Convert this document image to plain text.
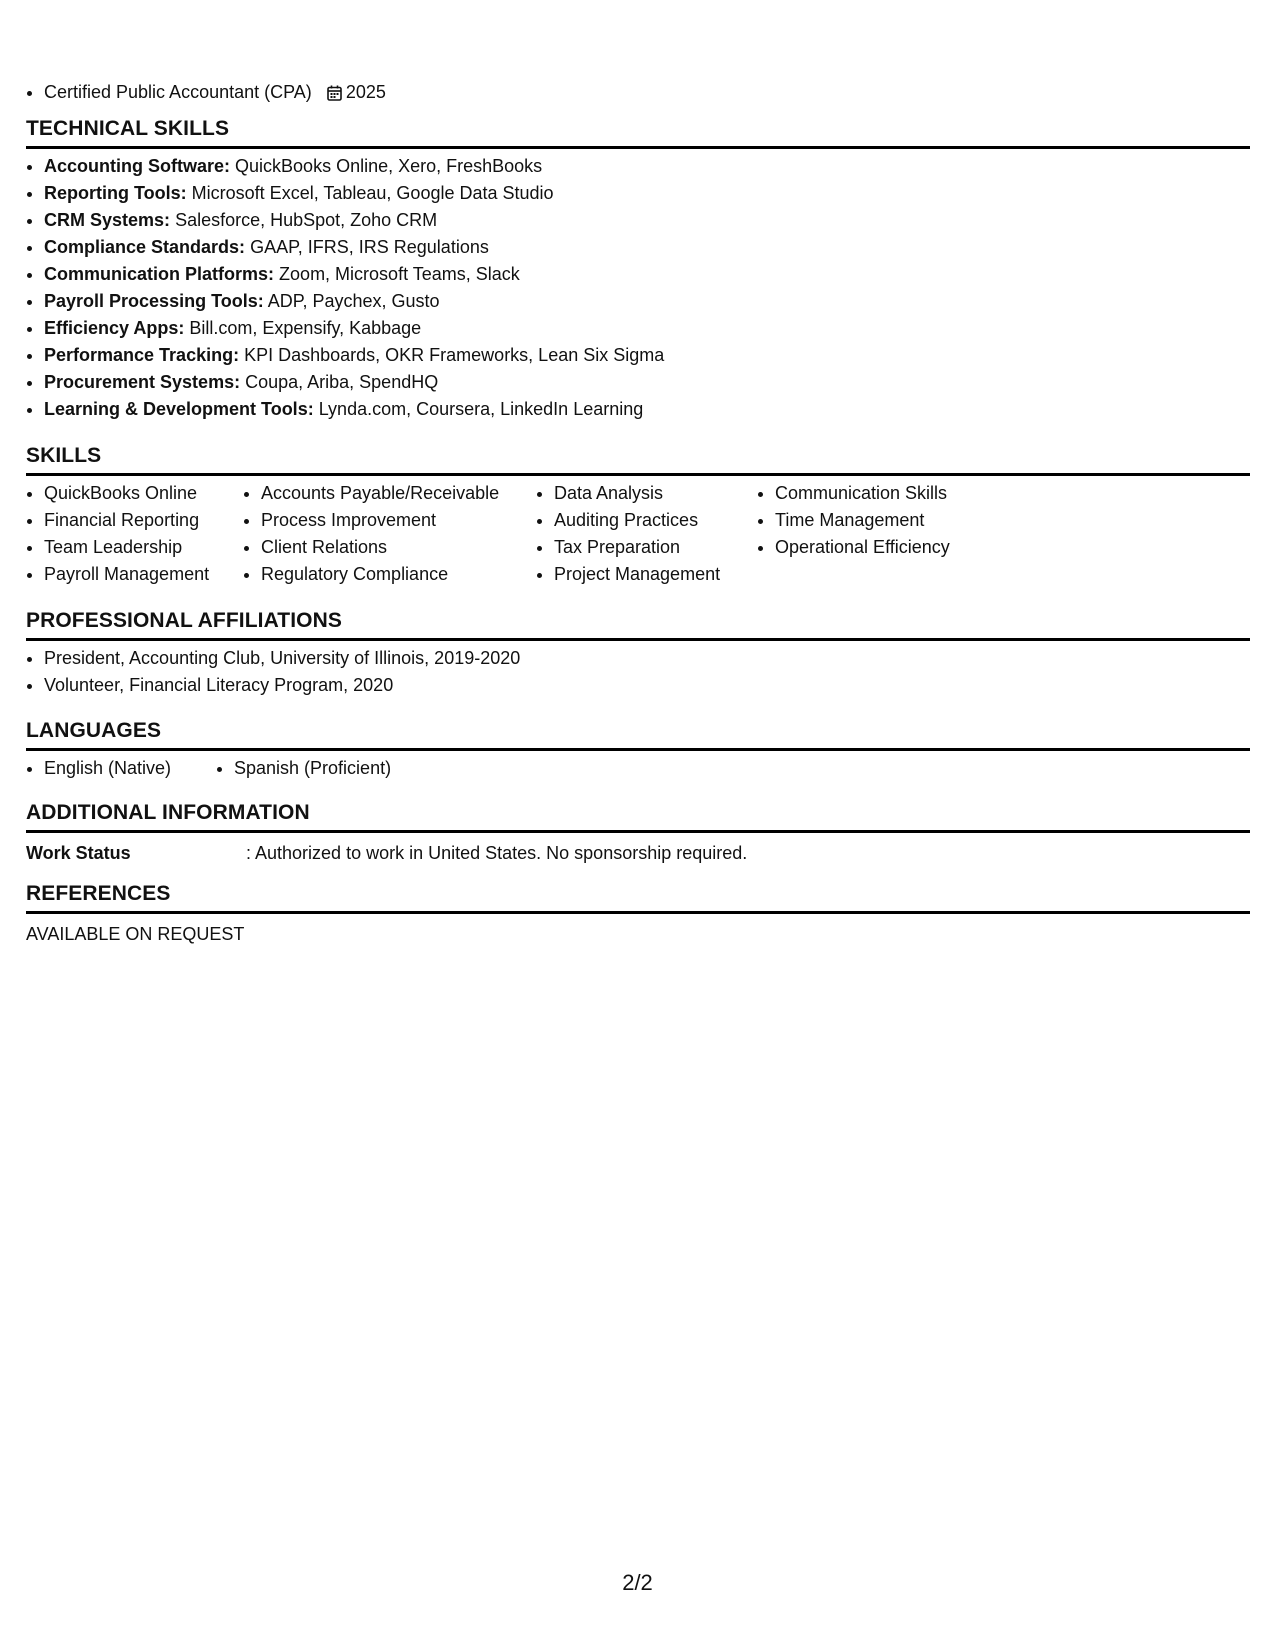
• Certified Public Accountant (CPA) 2025
TECHNICAL SKILLS
• Accounting Software: QuickBooks Online, Xero, FreshBooks
• Reporting Tools: Microsoft Excel, Tableau, Google Data Studio
• CRM Systems: Salesforce, HubSpot, Zoho CRM
• Compliance Standards: GAAP, IFRS, IRS Regulations
• Communication Platforms: Zoom, Microsoft Teams, Slack
• Payroll Processing Tools: ADP, Paychex, Gusto
• Efficiency Apps: Bill.com, Expensify, Kabbage
• Performance Tracking: KPI Dashboards, OKR Frameworks, Lean Six Sigma
• Procurement Systems: Coupa, Ariba, SpendHQ
• Learning & Development Tools: Lynda.com, Coursera, LinkedIn Learning
SKILLS
• QuickBooks Online
• Financial Reporting
• Team Leadership
• Payroll Management
• Accounts Payable/Receivable
• Process Improvement
• Client Relations
• Regulatory Compliance
• Data Analysis
• Auditing Practices
• Tax Preparation
• Project Management
• Communication Skills
• Time Management
• Operational Efficiency
PROFESSIONAL AFFILIATIONS
• President, Accounting Club, University of Illinois, 2019-2020
• Volunteer, Financial Literacy Program, 2020
LANGUAGES
• English (Native)
•	Spanish (Proficient)
ADDITIONAL INFORMATION
Work Status	: Authorized to work in United States. No sponsorship required.
REFERENCES
AVAILABLE ON REQUEST
2/2
